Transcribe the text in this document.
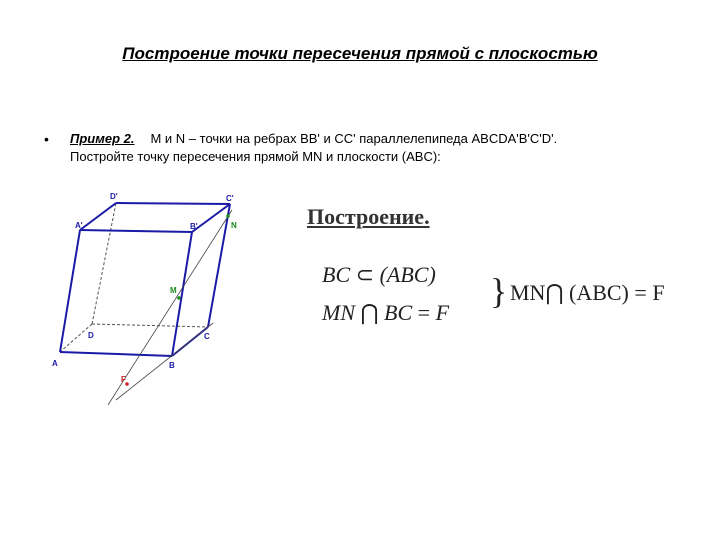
Построение точки пересечения прямой с плоскостью
• Пример 2. M и N – точки на ребрах BB' и CC' параллелепипеда ABCDA'B'C'D'.
Постройте точку пересечения прямой MN и плоскости (ABC):
A	B
C
D
A'	B'
C'
D'
M
N
F
Построение.
BC ⊂ (ABC)
MN ⋂ BC = F
} MN⋂ (ABC) = F
